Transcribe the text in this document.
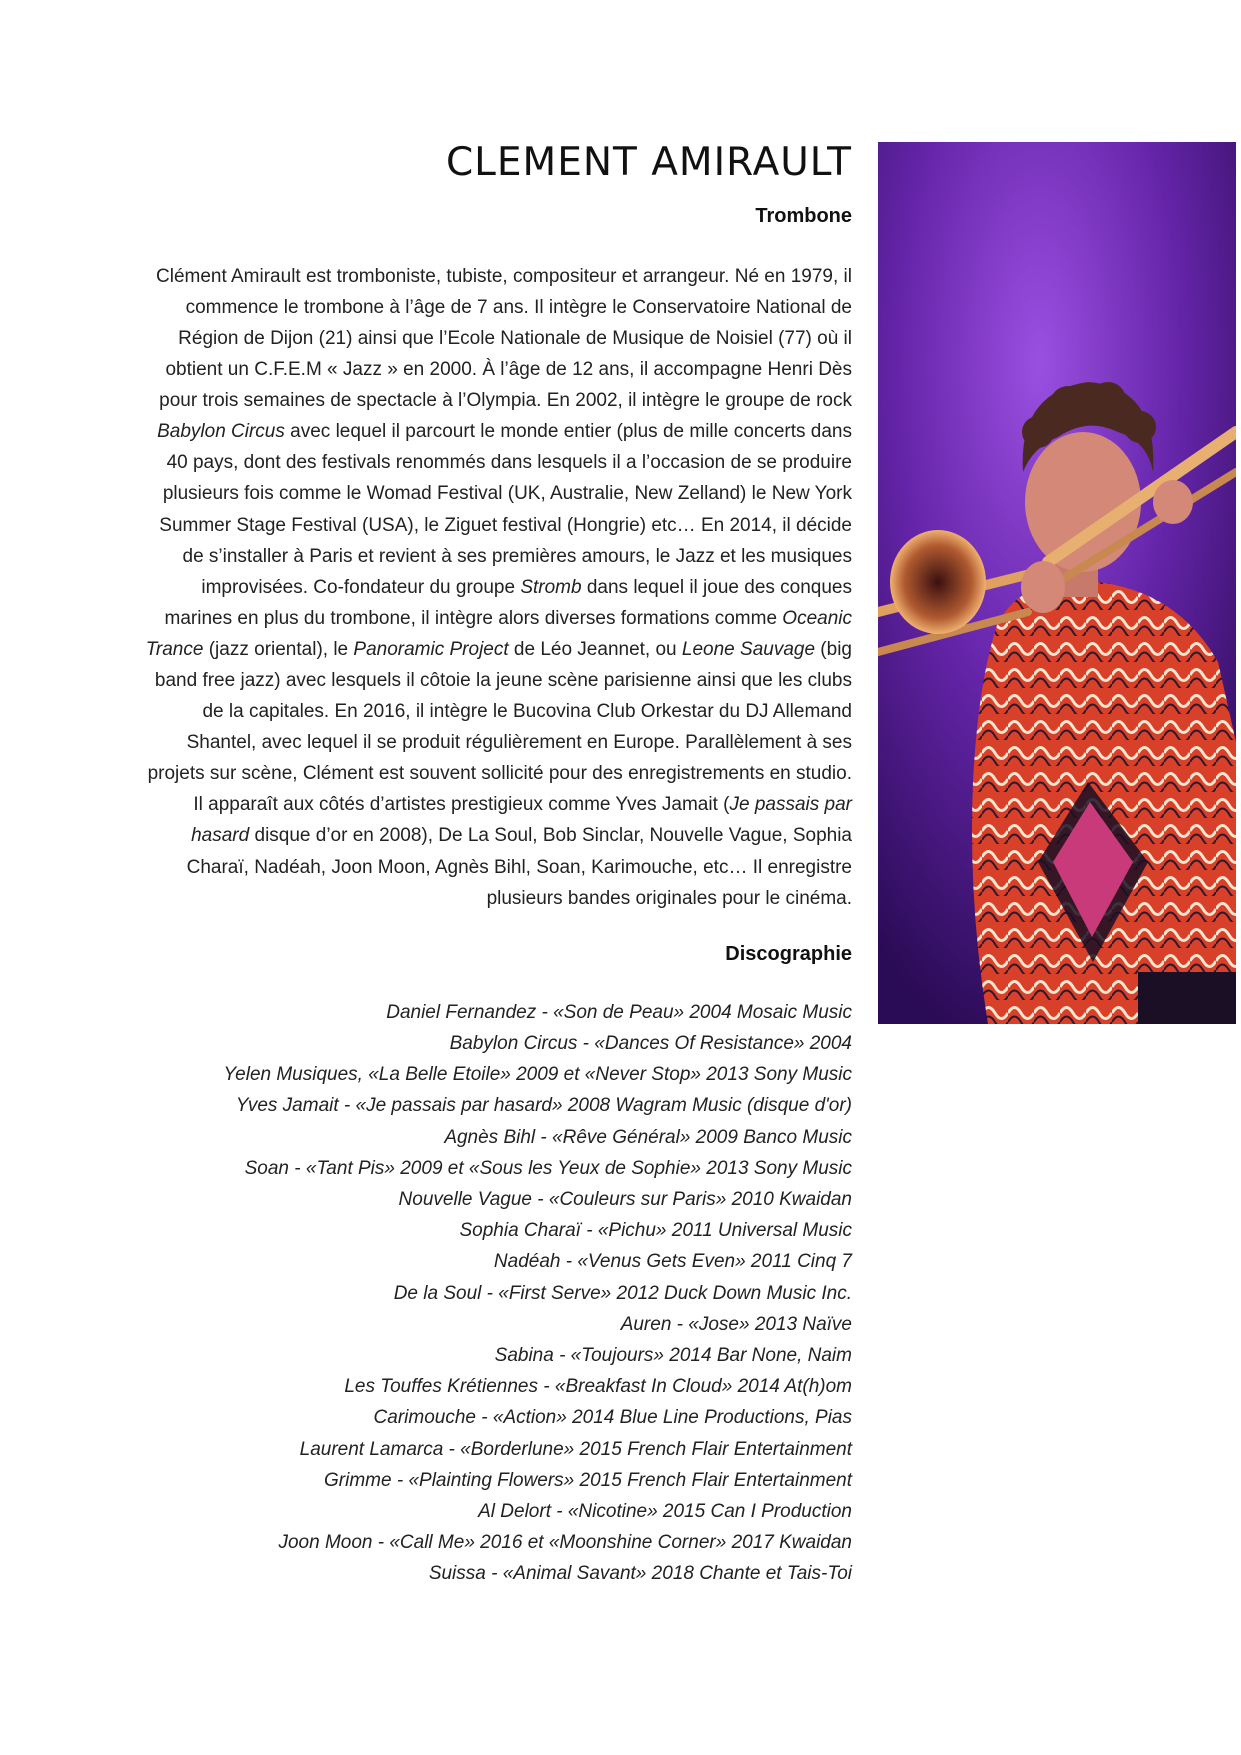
CLEMENT AMIRAULT
Trombone
Clément Amirault est tromboniste, tubiste, compositeur et arrangeur. Né en 1979, il
commence le trombone à l’âge de 7 ans. Il intègre le Conservatoire National de
Région de Dijon (21) ainsi que l’Ecole Nationale de Musique de Noisiel (77) où il
obtient un C.F.E.M « Jazz » en 2000. À l’âge de 12 ans, il accompagne Henri Dès
pour trois semaines de spectacle à l’Olympia. En 2002, il intègre le groupe de rock
Babylon Circus avec lequel il parcourt le monde entier (plus de mille concerts dans
40 pays, dont des festivals renommés dans lesquels il a l’occasion de se produire
plusieurs fois comme le Womad Festival (UK, Australie, New Zelland) le New York
Summer Stage Festival (USA), le Ziguet festival (Hongrie) etc… En 2014, il décide
de s’installer à Paris et revient à ses premières amours, le Jazz et les musiques
improvisées. Co-fondateur du groupe Stromb dans lequel il joue des conques
marines en plus du trombone, il intègre alors diverses formations comme Oceanic
Trance (jazz oriental), le Panoramic Project de Léo Jeannet, ou Leone Sauvage (big
band free jazz) avec lesquels il côtoie la jeune scène parisienne ainsi que les clubs
de la capitales. En 2016, il intègre le Bucovina Club Orkestar du DJ Allemand
Shantel, avec lequel il se produit régulièrement en Europe. Parallèlement à ses
projets sur scène, Clément est souvent sollicité pour des enregistrements en studio.
Il apparaît aux côtés d’artistes prestigieux comme Yves Jamait (Je passais par
hasard disque d’or en 2008), De La Soul, Bob Sinclar, Nouvelle Vague, Sophia
Charaï, Nadéah, Joon Moon, Agnès Bihl, Soan, Karimouche, etc… Il enregistre
plusieurs bandes originales pour le cinéma.
Discographie
Daniel Fernandez - «Son de Peau» 2004 Mosaic Music
Babylon Circus - «Dances Of Resistance» 2004
Yelen Musiques, «La Belle Etoile» 2009 et «Never Stop» 2013 Sony Music
Yves Jamait - «Je passais par hasard» 2008 Wagram Music (disque d'or)
Agnès Bihl - «Rêve Général» 2009 Banco Music
Soan - «Tant Pis» 2009 et «Sous les Yeux de Sophie» 2013 Sony Music
Nouvelle Vague - «Couleurs sur Paris» 2010 Kwaidan
Sophia Charaï - «Pichu» 2011 Universal Music
Nadéah - «Venus Gets Even» 2011 Cinq 7
De la Soul - «First Serve» 2012 Duck Down Music Inc.
Auren - «Jose» 2013 Naïve
Sabina - «Toujours» 2014 Bar None, Naim
Les Touffes Krétiennes - «Breakfast In Cloud» 2014 At(h)om
Carimouche - «Action» 2014 Blue Line Productions, Pias
Laurent Lamarca - «Borderlune» 2015 French Flair Entertainment
Grimme - «Plainting Flowers» 2015 French Flair Entertainment
Al Delort - «Nicotine» 2015 Can I Production
Joon Moon - «Call Me» 2016 et «Moonshine Corner» 2017 Kwaidan
Suissa - «Animal Savant» 2018 Chante et Tais-Toi
